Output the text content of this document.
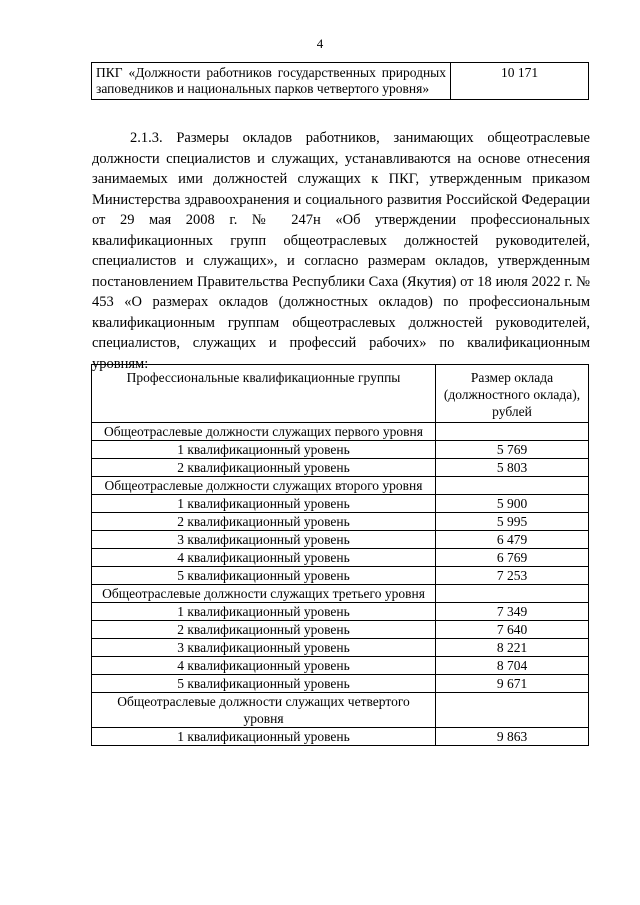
4
ПКГ «Должности работников государственных природных заповедников и национальных парков четвертого уровня»	10 171

2.1.3. Размеры окладов работников, занимающих общеотраслевые должности специалистов и служащих, устанавливаются на основе отнесения занимаемых ими должностей служащих к ПКГ, утвержденным приказом Министерства здравоохранения и социального развития Российской Федерации от 29 мая 2008 г. № 247н «Об утверждении профессиональных квалификационных групп общеотраслевых должностей руководителей, специалистов и служащих», и согласно размерам окладов, утвержденным постановлением Правительства Республики Саха (Якутия) от 18 июля 2022 г. № 453 «О размерах окладов (должностных окладов) по профессиональным квалификационным группам общеотраслевых должностей руководителей, специалистов, служащих и профессий рабочих» по квалификационным уровням:

Профессиональные квалификационные группы	Размер оклада (должностного оклада), рублей
Общеотраслевые должности служащих первого уровня	
1 квалификационный уровень	5 769
2 квалификационный уровень	5 803
Общеотраслевые должности служащих второго уровня	
1 квалификационный уровень	5 900
2 квалификационный уровень	5 995
3 квалификационный уровень	6 479
4 квалификационный уровень	6 769
5 квалификационный уровень	7 253
Общеотраслевые должности служащих третьего уровня	
1 квалификационный уровень	7 349
2 квалификационный уровень	7 640
3 квалификационный уровень	8 221
4 квалификационный уровень	8 704
5 квалификационный уровень	9 671
Общеотраслевые должности служащих четвертого уровня	
1 квалификационный уровень	9 863
